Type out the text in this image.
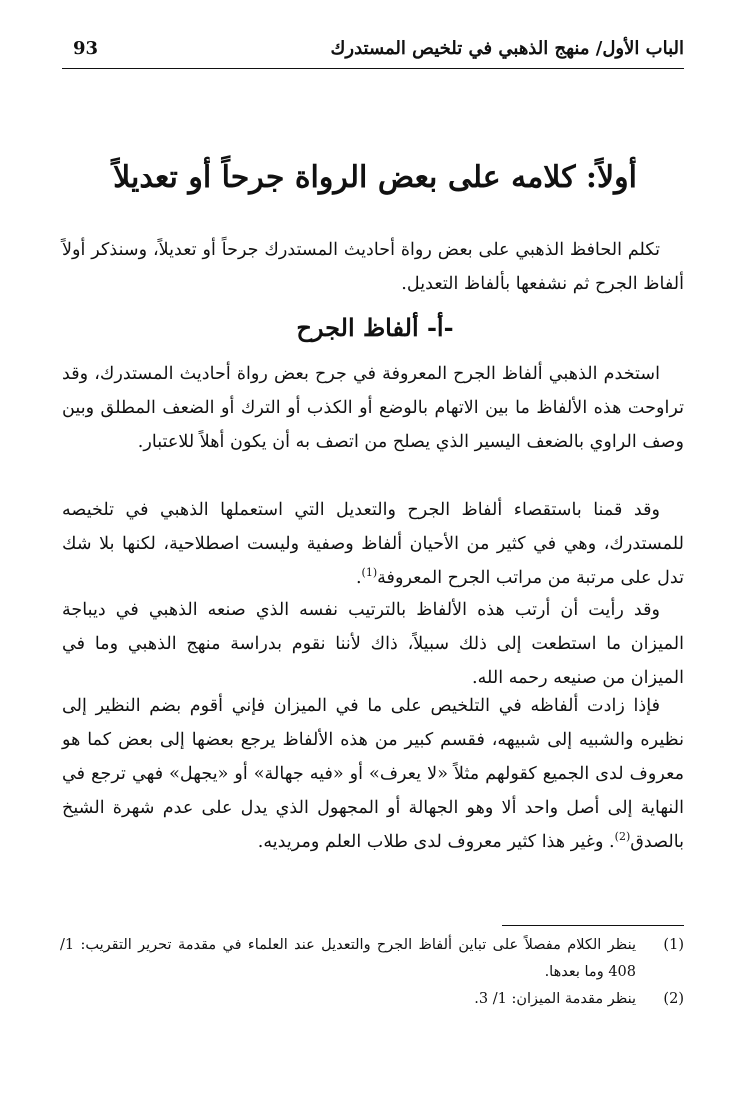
الباب الأول/ منهج الذهبي في تلخيص المستدرك
93
أولاً: كلامه على بعض الرواة جرحاً أو تعديلاً
تكلم الحافظ الذهبي على بعض رواة أحاديث المستدرك جرحاً أو تعديلاً، وسنذكر أولاً ألفاظ الجرح ثم نشفعها بألفاظ التعديل.
-أ- ألفاظ الجرح
استخدم الذهبي ألفاظ الجرح المعروفة في جرح بعض رواة أحاديث المستدرك، وقد تراوحت هذه الألفاظ ما بين الاتهام بالوضع أو الكذب أو الترك أو الضعف المطلق وبين وصف الراوي بالضعف اليسير الذي يصلح من اتصف به أن يكون أهلاً للاعتبار.
وقد قمنا باستقصاء ألفاظ الجرح والتعديل التي استعملها الذهبي في تلخيصه للمستدرك، وهي في كثير من الأحيان ألفاظ وصفية وليست اصطلاحية، لكنها بلا شك تدل على مرتبة من مراتب الجرح المعروفة$^{(1)}$.
وقد رأيت أن أرتب هذه الألفاظ بالترتيب نفسه الذي صنعه الذهبي في ديباجة الميزان ما استطعت إلى ذلك سبيلاً، ذاك لأننا نقوم بدراسة منهج الذهبي وما في الميزان من صنيعه رحمه الله.
فإذا زادت ألفاظه في التلخيص على ما في الميزان فإني أقوم بضم النظير إلى نظيره والشبيه إلى شبيهه، فقسم كبير من هذه الألفاظ يرجع بعضها إلى بعض كما هو معروف لدى الجميع كقولهم مثلاً «لا يعرف» أو «فيه جهالة» أو «يجهل» فهي ترجع في النهاية إلى أصل واحد ألا وهو الجهالة أو المجهول الذي يدل على عدم شهرة الشيخ بالصدق$^{(2)}$. وغير هذا كثير معروف لدى طلاب العلم ومريديه.
(1)
ينظر الكلام مفصلاً على تباين ألفاظ الجرح والتعديل عند العلماء في مقدمة تحرير التقريب: 1/ 408 وما بعدها.
(2)
ينظر مقدمة الميزان: 1/ 3.
